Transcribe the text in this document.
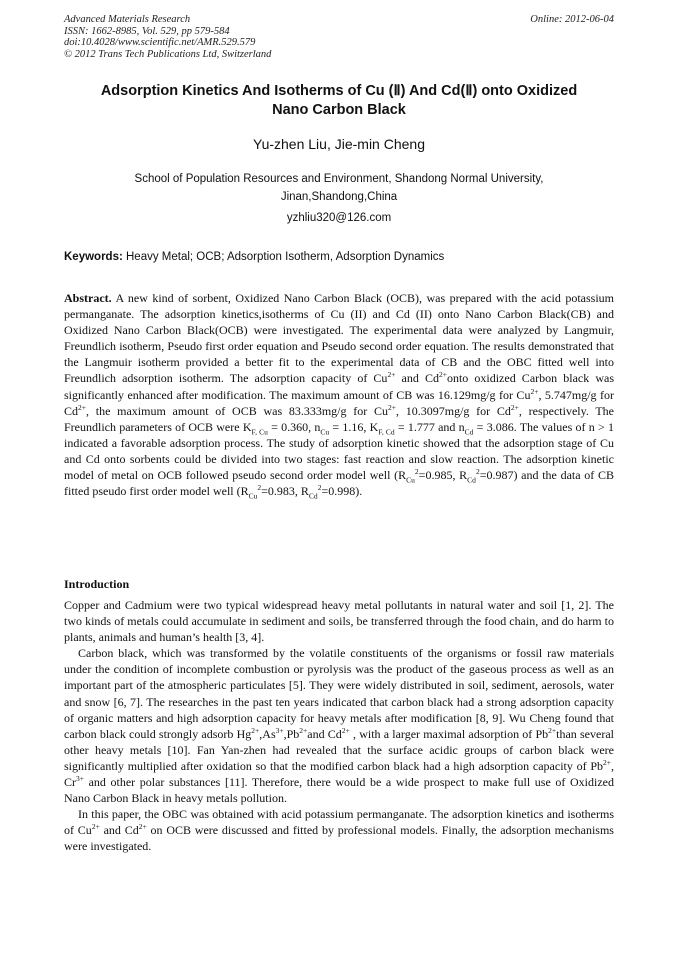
Advanced Materials Research
ISSN: 1662-8985, Vol. 529, pp 579-584
doi:10.4028/www.scientific.net/AMR.529.579
© 2012 Trans Tech Publications Ltd, Switzerland
Online: 2012-06-04
Adsorption Kinetics And Isotherms of Cu (Ⅱ) And Cd(Ⅱ) onto Oxidized
Nano Carbon Black
Yu-zhen Liu, Jie-min Cheng
School of Population Resources and Environment, Shandong Normal University,
Jinan,Shandong,China
yzhliu320@126.com
Keywords: Heavy Metal; OCB; Adsorption Isotherm, Adsorption Dynamics
Abstract. A new kind of sorbent, Oxidized Nano Carbon Black (OCB), was prepared with the acid potassium permanganate. The adsorption kinetics,isotherms of Cu (II) and Cd (II) onto Nano Carbon Black(CB) and Oxidized Nano Carbon Black(OCB) were investigated. The experimental data were analyzed by Langmuir, Freundlich isotherm, Pseudo first order equation and Pseudo second order equation. The results demonstrated that the Langmuir isotherm provided a better fit to the experimental data of CB and the OBC fitted well into Freundlich adsorption isotherm. The adsorption capacity of $Cu^{2+}$ and $Cd^{2+}onto$ oxidized Carbon black was significantly enhanced after modification. The maximum amount of CB was 16.129mg/g for $Cu^{2+}$, 5.747mg/g for $Cd^{2+}$, the maximum amount of OCB was 83.333mg/g for $Cu^{2+}$, 10.3097mg/g for $Cd^{2+}$, respectively. The Freundlich parameters of OCB were $K_{F, Cu} = 0.360$, $n_{Cu} = 1.16$, $K_{F, Cd} = 1.777$ and $n_{Cd} = 3.086$. The values of n > 1 indicated a favorable adsorption process. The study of adsorption kinetic showed that the adsorption stage of Cu and Cd onto sorbents could be divided into two stages: fast reaction and slow reaction. The adsorption kinetic model of metal on OCB followed pseudo second order model well ($R_{Cu}^2=0.985$, $R_{Cd}^2=0.987$) and the data of CB fitted pseudo first order model well ($R_{Cu}^2=0.983$, $R_{Cd}^2=0.998$).
Introduction

Copper and Cadmium were two typical widespread heavy metal pollutants in natural water and soil [1, 2]. The two kinds of metals could accumulate in sediment and soils, be transferred through the food chain, and do harm to plants, animals and human’s health [3, 4].

Carbon black, which was transformed by the volatile constituents of the organisms or fossil raw materials under the condition of incomplete combustion or pyrolysis was the product of the gaseous process as well as an important part of the atmospheric particulates [5]. They were widely distributed in soil, sediment, aerosols, water and snow [6, 7]. The researches in the past ten years indicated that carbon black had a strong adsorption capacity of organic matters and high adsorption capacity for heavy metals after modification [8, 9]. Wu Cheng found that carbon black could strongly adsorb $Hg^{2+},As^{3+},Pb^{2+}and$ $Cd^{2+}$ , with a larger maximal adsorption of $Pb^{2+}than$ several other heavy metals [10]. Fan Yan-zhen had revealed that the surface acidic groups of carbon black were significantly multiplied after oxidation so that the modified carbon black had a high adsorption capacity of $Pb^{2+}$, $Cr^{3+}$ and other polar substances [11]. Therefore, there would be a wide prospect to make full use of Oxidized Nano Carbon Black in heavy metals pollution.

In this paper, the OBC was obtained with acid potassium permanganate. The adsorption kinetics and isotherms of $Cu^{2+}$ and $Cd^{2+}$ on OCB were discussed and fitted by professional models. Finally, the adsorption mechanisms were investigated.
